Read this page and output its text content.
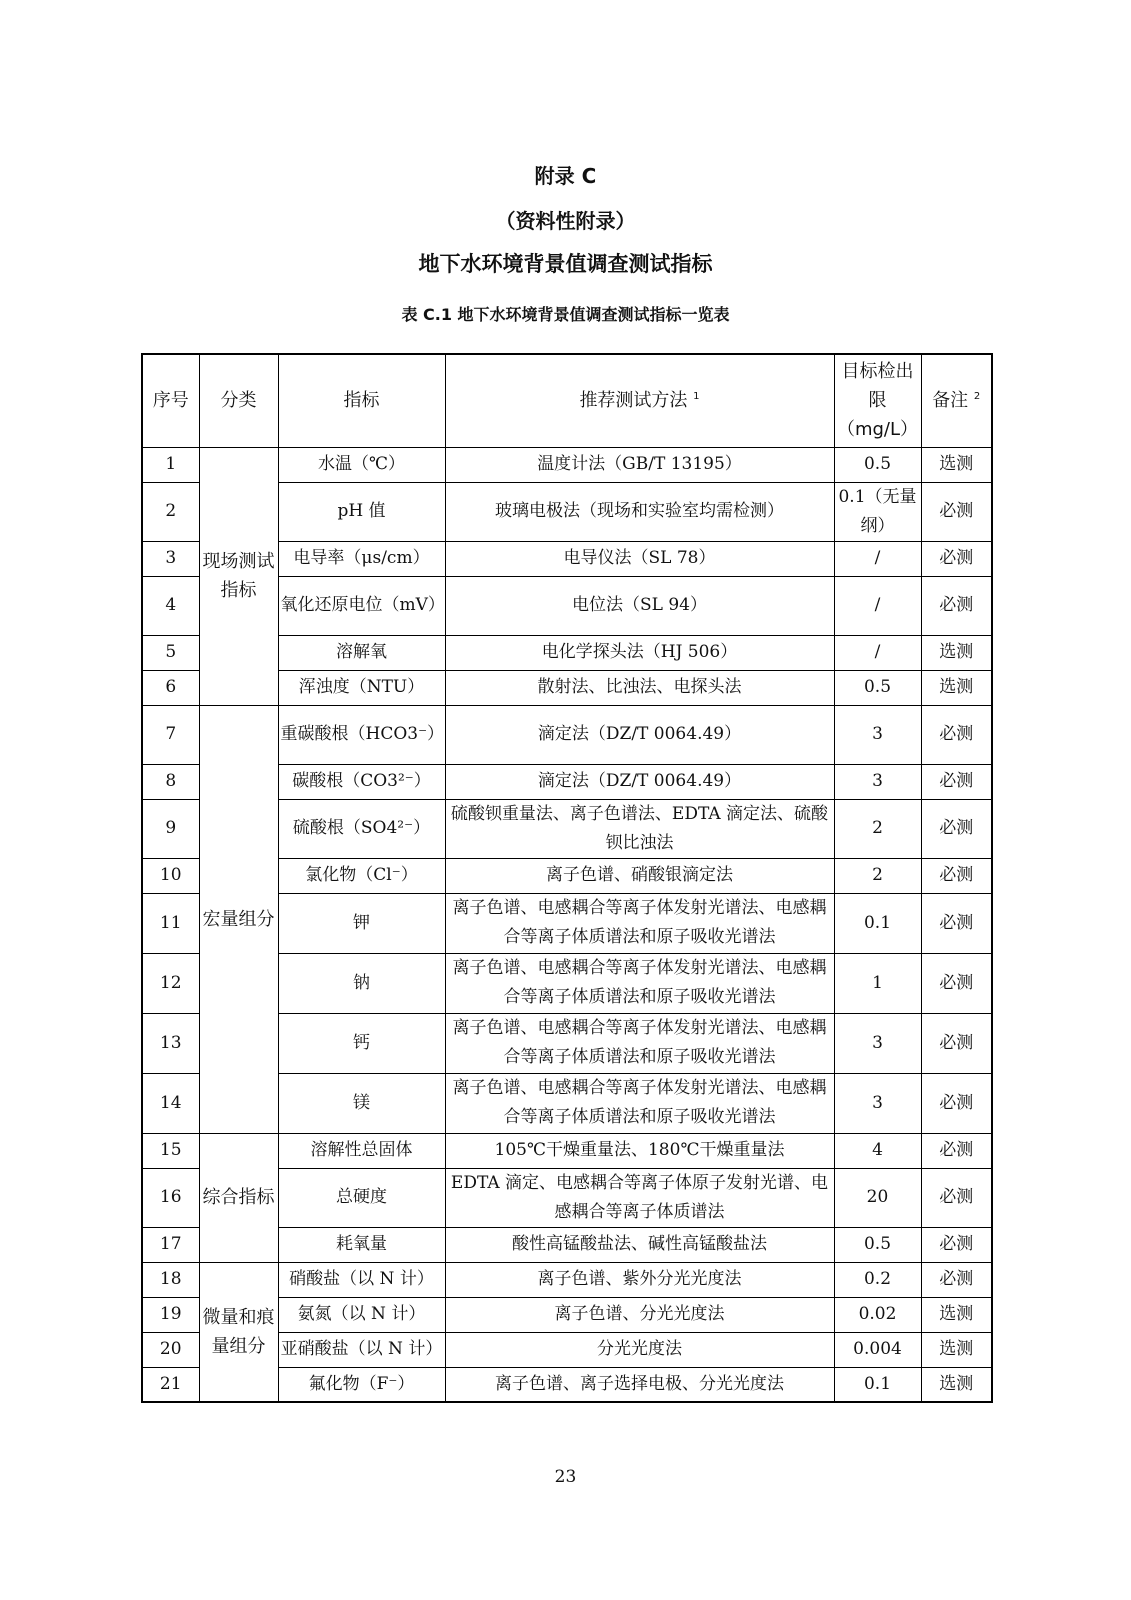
附录 C
（资料性附录）
地下水环境背景值调查测试指标
表 C.1 地下水环境背景值调查测试指标一览表
序号	分类	指标	推荐测试方法 $^1$	目标检出限（mg/L）	备注 $^2$
1	现场测试指标	水温（℃）	温度计法（GB/T 13195）	0.5	选测
2		pH 值	玻璃电极法（现场和实验室均需检测）	0.1（无量纲）	必测
3		电导率（μs/cm）	电导仪法（SL 78）	/	必测
4		氧化还原电位（mV）	电位法（SL 94）	/	必测
5		溶解氧	电化学探头法（HJ 506）	/	选测
6		浑浊度（NTU）	散射法、比浊法、电探头法	0.5	选测
7	宏量组分	重碳酸根（HCO3⁻）	滴定法（DZ/T 0064.49）	3	必测
8		碳酸根（CO3²⁻）	滴定法（DZ/T 0064.49）	3	必测
9		硫酸根（SO4²⁻）	硫酸钡重量法、离子色谱法、EDTA 滴定法、硫酸钡比浊法	2	必测
10		氯化物（Cl⁻）	离子色谱、硝酸银滴定法	2	必测
11		钾	离子色谱、电感耦合等离子体发射光谱法、电感耦合等离子体质谱法和原子吸收光谱法	0.1	必测
12		钠	离子色谱、电感耦合等离子体发射光谱法、电感耦合等离子体质谱法和原子吸收光谱法	1	必测
13		钙	离子色谱、电感耦合等离子体发射光谱法、电感耦合等离子体质谱法和原子吸收光谱法	3	必测
14		镁	离子色谱、电感耦合等离子体发射光谱法、电感耦合等离子体质谱法和原子吸收光谱法	3	必测
15	综合指标	溶解性总固体	105℃干燥重量法、180℃干燥重量法	4	必测
16		总硬度	EDTA 滴定、电感耦合等离子体原子发射光谱、电感耦合等离子体质谱法	20	必测
17		耗氧量	酸性高锰酸盐法、碱性高锰酸盐法	0.5	必测
18	微量和痕量组分	硝酸盐（以 N 计）	离子色谱、紫外分光光度法	0.2	必测
19		氨氮（以 N 计）	离子色谱、分光光度法	0.02	选测
20		亚硝酸盐（以 N 计）	分光光度法	0.004	选测
21		氟化物（F⁻）	离子色谱、离子选择电极、分光光度法	0.1	选测
23
